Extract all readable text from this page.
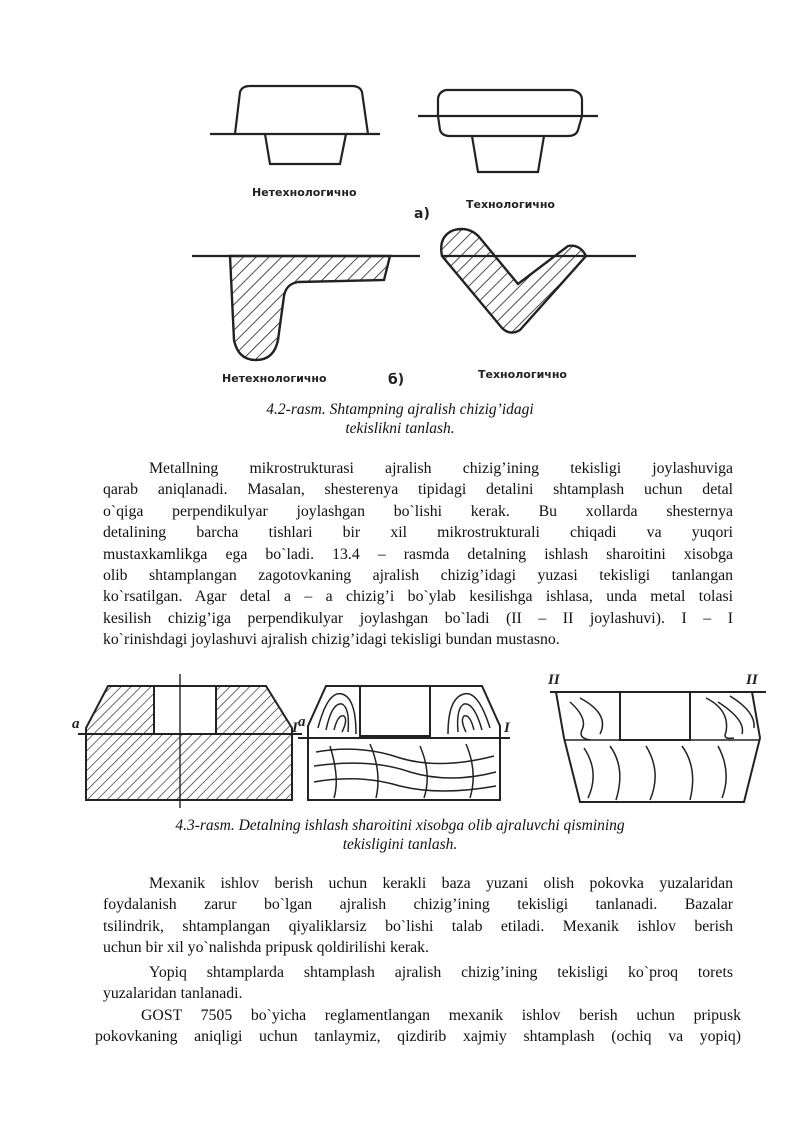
Нетехнологично
а)
Технологично
Нетехнологично	б)	Технологично
4.2-rasm. Shtampning ajralish chizig’idagi
tekislikni tanlash.
Metallning mikrostrukturasi ajralish chizig’ining tekisligi joylashuviga
qarab aniqlanadi. Masalan, shesterenya tipidagi detalini shtamplash uchun detal
o`qiga perpendikulyar joylashgan bo`lishi kerak. Bu xollarda shesternya
detalining barcha tishlari bir xil mikrostrukturali chiqadi va yuqori
mustaxkamlikga ega bo`ladi. 13.4 – rasmda detalning ishlash sharoitini xisobga
olib shtamplangan zagotovkaning ajralish chizig’idagi yuzasi tekisligi tanlangan
ko`rsatilgan. Agar detal a – a chizig’i bo`ylab kesilishga ishlasa, unda metal tolasi
kesilish chizig’iga perpendikulyar joylashgan bo`ladi (II – II joylashuvi). I – I
ko`rinishdagi joylashuvi ajralish chizig’idagi tekisligi bundan mustasno.
a	a
I	I
II	II
4.3-rasm. Detalning ishlash sharoitini xisobga olib ajraluvchi qismining
tekisligini tanlash.
Mexanik ishlov berish uchun kerakli baza yuzani olish pokovka yuzalaridan
foydalanish zarur bo`lgan ajralish chizig’ining tekisligi tanlanadi. Bazalar
tsilindrik, shtamplangan qiyaliklarsiz bo`lishi talab etiladi. Mexanik ishlov berish
uchun bir xil yo`nalishda pripusk qoldirilishi kerak.
Yopiq shtamplarda shtamplash ajralish chizig’ining tekisligi ko`proq torets
yuzalaridan tanlanadi.
GOST 7505 bo`yicha reglamentlangan mexanik ishlov berish uchun pripusk
pokovkaning aniqligi uchun tanlaymiz, qizdirib xajmiy shtamplash (ochiq va yopiq)
